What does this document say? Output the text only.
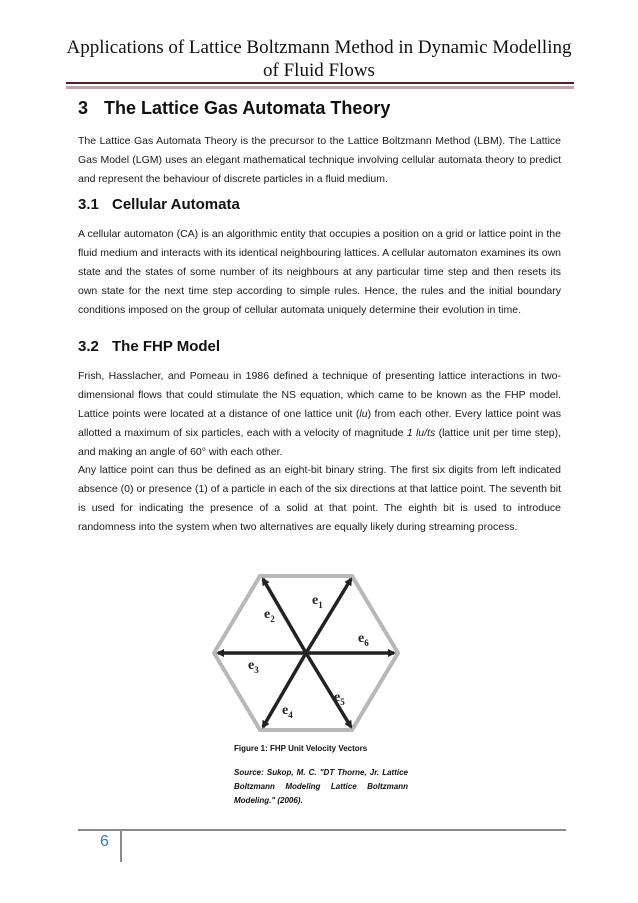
Applications of Lattice Boltzmann Method in Dynamic Modelling of Fluid Flows
3 The Lattice Gas Automata Theory

The Lattice Gas Automata Theory is the precursor to the Lattice Boltzmann Method (LBM). The Lattice Gas Model (LGM) uses an elegant mathematical technique involving cellular automata theory to predict and represent the behaviour of discrete particles in a fluid medium.

3.1 Cellular Automata

A cellular automaton (CA) is an algorithmic entity that occupies a position on a grid or lattice point in the fluid medium and interacts with its identical neighbouring lattices. A cellular automaton examines its own state and the states of some number of its neighbours at any particular time step and then resets its own state for the next time step according to simple rules. Hence, the rules and the initial boundary conditions imposed on the group of cellular automata uniquely determine their evolution in time.

3.2 The FHP Model

Frish, Hasslacher, and Pomeau in 1986 defined a technique of presenting lattice interactions in two-dimensional flows that could stimulate the NS equation, which came to be known as the FHP model. Lattice points were located at a distance of one lattice unit (lu) from each other. Every lattice point was allotted a maximum of six particles, each with a velocity of magnitude 1 lu/ts (lattice unit per time step), and making an angle of 60° with each other.

Any lattice point can thus be defined as an eight-bit binary string. The first six digits from left indicated absence (0) or presence (1) of a particle in each of the six directions at that lattice point. The seventh bit is used for indicating the presence of a solid at that point. The eighth bit is used to introduce randomness into the system when two alternatives are equally likely during streaming process.

$e_1$
$e_2$
$e_3$
$e_4$
$e_5$
$e_6$

Figure 1: FHP Unit Velocity Vectors

Source: Sukop, M. C. "DT Thorne, Jr. Lattice Boltzmann Modeling Lattice Boltzmann Modeling." (2006).

6
